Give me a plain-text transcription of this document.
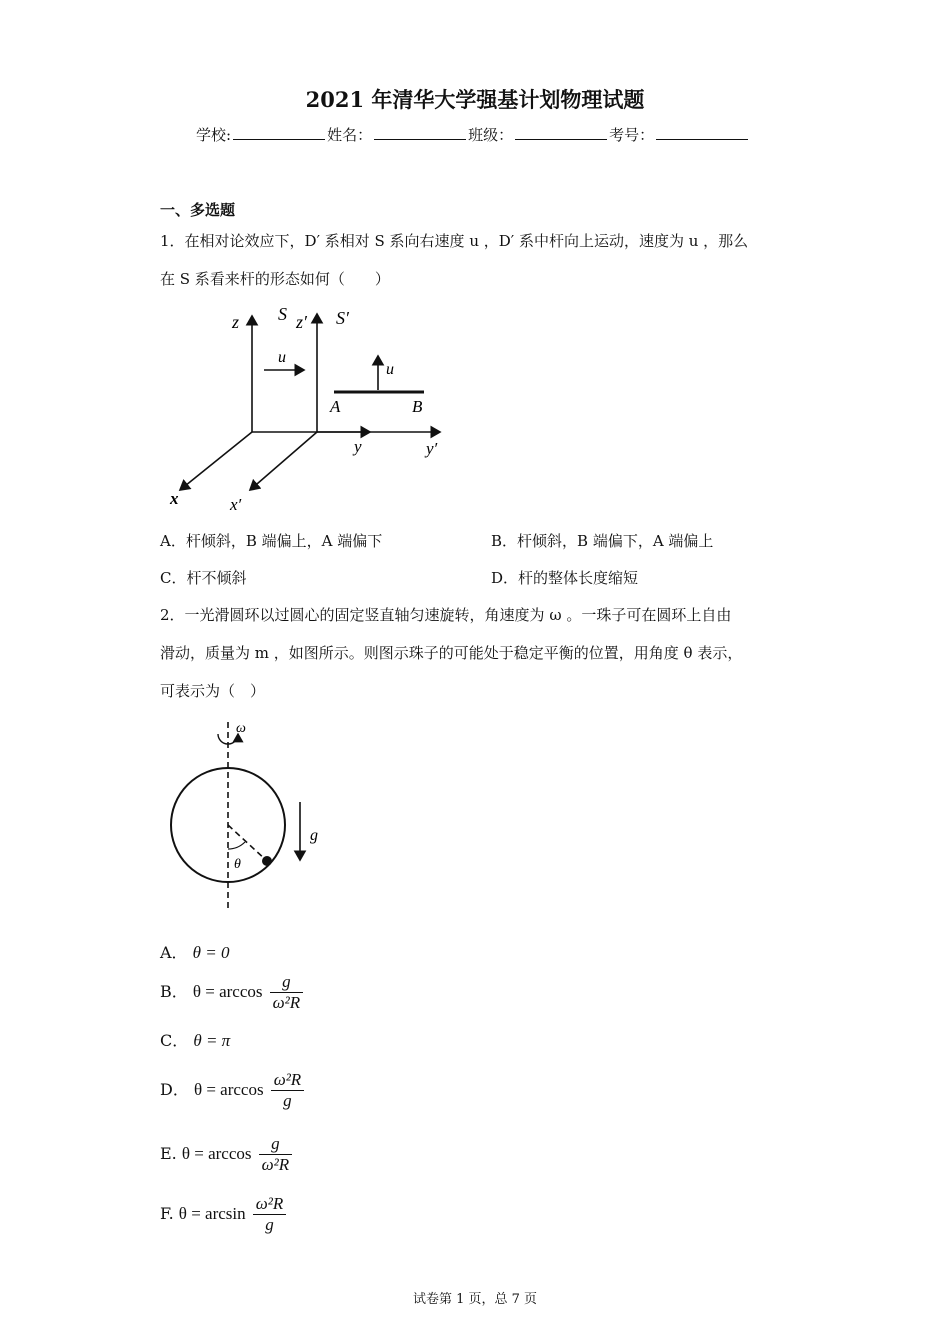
2021 年清华大学强基计划物理试题
学校:	姓名：	班级：	考号：
一、多选题
1．在相对论效应下，D′ 系相对 S 系向右速度 u ，D′ 系中杆向上运动，速度为 u ，那么
在 S 系看来杆的形态如何（　　）
z S z′ S′
u
u
A	B
y	y′
x	x′
A．杆倾斜，B 端偏上，A 端偏下	B．杆倾斜，B 端偏下，A 端偏上
C．杆不倾斜	D．杆的整体长度缩短
2．一光滑圆环以过圆心的固定竖直轴匀速旋转，角速度为 ω 。一珠子可在圆环上自由
滑动，质量为 m ，如图所示。则图示珠子的可能处于稳定平衡的位置，用角度 θ 表示，
可表示为（　）
ω
θ
g
A． θ = 0
B． $\theta = \arccos \frac{g}{\text{ω²R}}$
C． θ = π
D． $\theta = \arccos \frac{\text{ω²R}}{g}$
E. $\theta = \arccos \frac{g}{\text{ω²R}}$
F. $\theta = \arcsin \frac{\text{ω²R}}{g}$
试卷第 1 页，总 7 页
